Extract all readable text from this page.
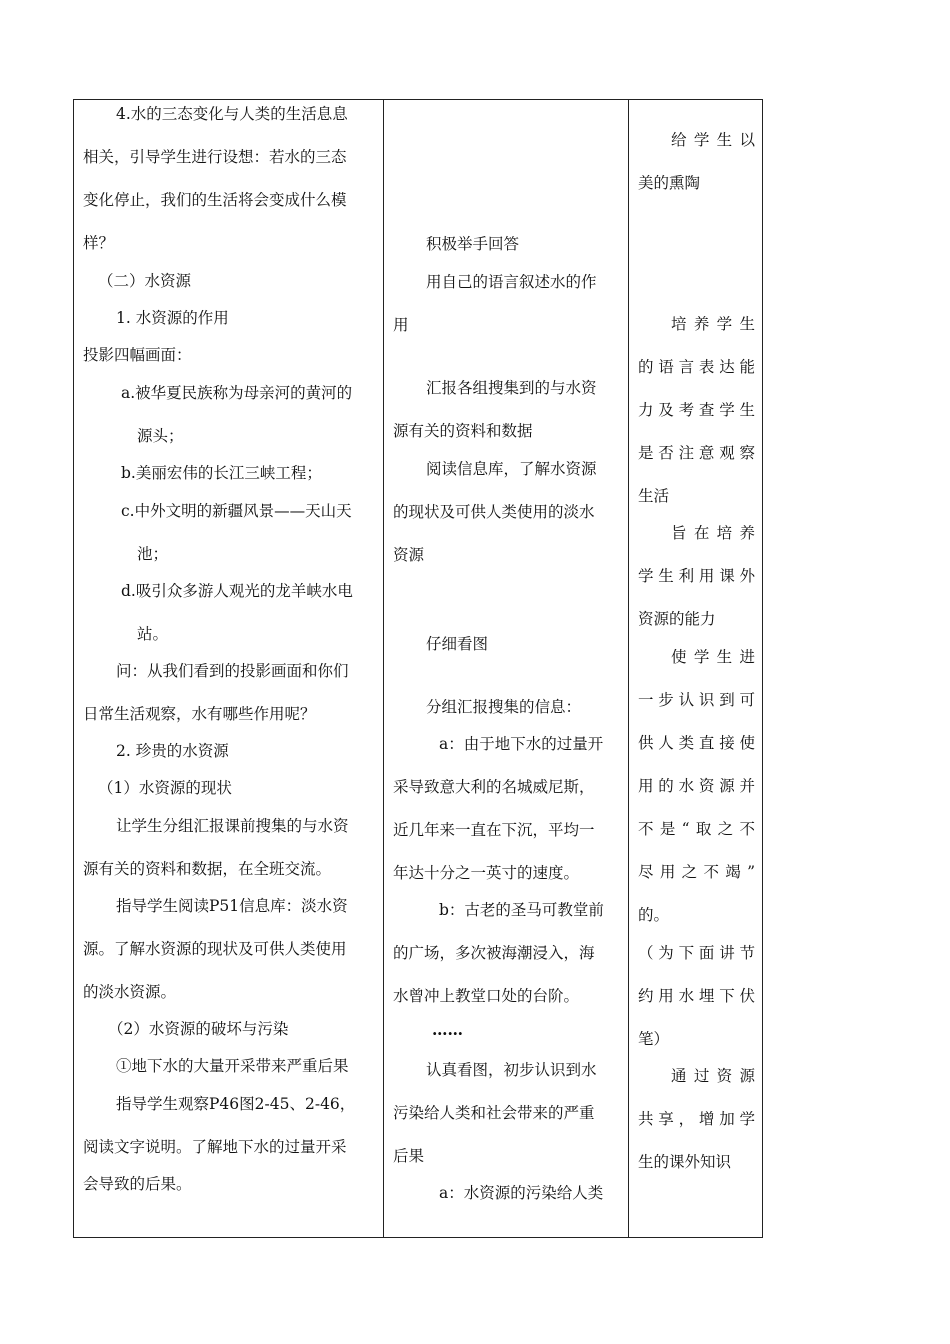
4.水的三态变化与人类的生活息息
相关，引导学生进行设想：若水的三态
变化停止，我们的生活将会变成什么模
样？
（二）水资源
1. 水资源的作用
投影四幅画面：
a.被华夏民族称为母亲河的黄河的
源头；
b.美丽宏伟的长江三峡工程；
c.中外文明的新疆风景——天山天
池；
d.吸引众多游人观光的龙羊峡水电
站。
问：从我们看到的投影画面和你们
日常生活观察，水有哪些作用呢？
2. 珍贵的水资源
（1）水资源的现状
让学生分组汇报课前搜集的与水资
源有关的资料和数据，在全班交流。
指导学生阅读P51信息库：淡水资
源。了解水资源的现状及可供人类使用
的淡水资源。
（2）水资源的破坏与污染
①地下水的大量开采带来严重后果
指导学生观察P46图2-45、2-46，
阅读文字说明。了解地下水的过量开采
会导致的后果。
积极举手回答
用自己的语言叙述水的作
用
汇报各组搜集到的与水资
源有关的资料和数据
阅读信息库，了解水资源
的现状及可供人类使用的淡水
资源
仔细看图
分组汇报搜集的信息：
a：由于地下水的过量开
采导致意大利的名城威尼斯，
近几年来一直在下沉，平均一
年达十分之一英寸的速度。
b：古老的圣马可教堂前
的广场，多次被海潮浸入，海
水曾冲上教堂口处的台阶。
……
认真看图，初步认识到水
污染给人类和社会带来的严重
后果
a：水资源的污染给人类
给学生以
美的熏陶
培养学生
的语言表达能
力及考查学生
是否注意观察
生活
旨在培养
学生利用课外
资源的能力
使学生进
一步认识到可
供人类直接使
用的水资源并
不是“取之不
尽用之不竭”
的。
（为下面讲节
约用水埋下伏
笔）
通过资源
共享，增加学
生的课外知识
